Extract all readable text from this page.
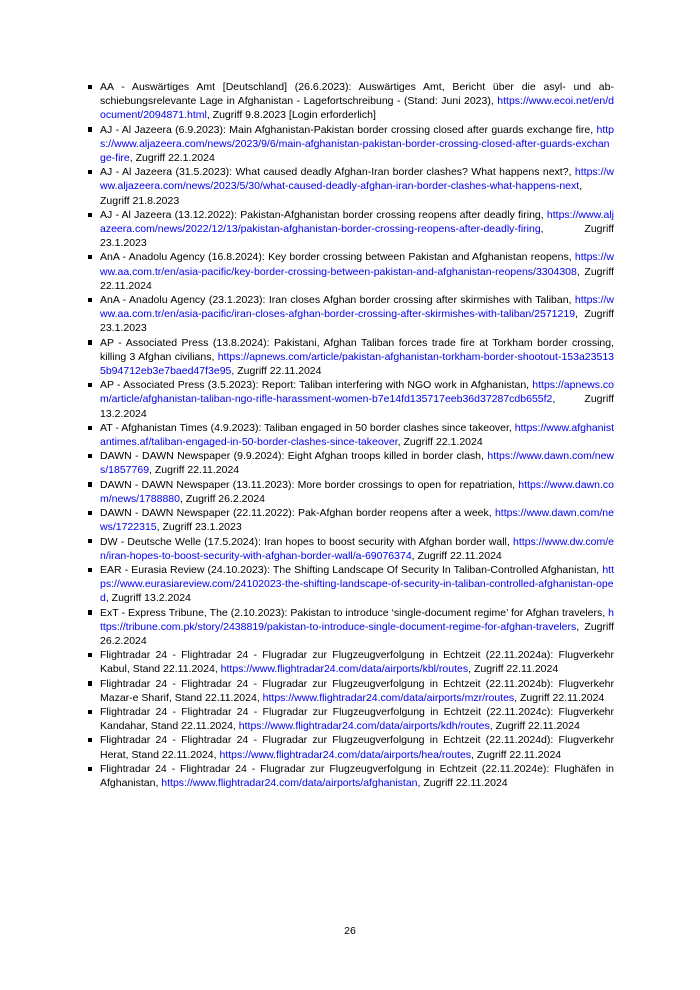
AA - Auswärtiges Amt [Deutschland] (26.6.2023): Auswärtiges Amt, Bericht über die asyl- und abschiebungsrelevante Lage in Afghanistan - Lagefortschreibung - (Stand: Juni 2023), https://www.ecoi.net/en/document/2094871.html, Zugriff 9.8.2023 [Login erforderlich]
AJ - Al Jazeera (6.9.2023): Main Afghanistan-Pakistan border crossing closed after guards exchange fire, https://www.aljazeera.com/news/2023/9/6/main-afghanistan-pakistan-border-crossing-closed-after-guards-exchange-fire, Zugriff 22.1.2024
AJ - Al Jazeera (31.5.2023): What caused deadly Afghan-Iran border clashes? What happens next?, https://www.aljazeera.com/news/2023/5/30/what-caused-deadly-afghan-iran-border-clashes-what-happens-next, Zugriff 21.8.2023
AJ - Al Jazeera (13.12.2022): Pakistan-Afghanistan border crossing reopens after deadly firing, https://www.aljazeera.com/news/2022/12/13/pakistan-afghanistan-border-crossing-reopens-after-deadly-firing, Zugriff 23.1.2023
AnA - Anadolu Agency (16.8.2024): Key border crossing between Pakistan and Afghanistan reopens, https://www.aa.com.tr/en/asia-pacific/key-border-crossing-between-pakistan-and-afghanistan-reopens/3304308, Zugriff 22.11.2024
AnA - Anadolu Agency (23.1.2023): Iran closes Afghan border crossing after skirmishes with Taliban, https://www.aa.com.tr/en/asia-pacific/iran-closes-afghan-border-crossing-after-skirmishes-with-taliban/2571219, Zugriff 23.1.2023
AP - Associated Press (13.8.2024): Pakistani, Afghan Taliban forces trade fire at Torkham border crossing, killing 3 Afghan civilians, https://apnews.com/article/pakistan-afghanistan-torkham-border-shootout-153a235135b94712eb3e7baed47f3e95, Zugriff 22.11.2024
AP - Associated Press (3.5.2023): Report: Taliban interfering with NGO work in Afghanistan, https://apnews.com/article/afghanistan-taliban-ngo-rifle-harassment-women-b7e14fd135717eeb36d37287cdb655f2, Zugriff 13.2.2024
AT - Afghanistan Times (4.9.2023): Taliban engaged in 50 border clashes since takeover, https://www.afghanistantimes.af/taliban-engaged-in-50-border-clashes-since-takeover, Zugriff 22.1.2024
DAWN - DAWN Newspaper (9.9.2024): Eight Afghan troops killed in border clash, https://www.dawn.com/news/1857769, Zugriff 22.11.2024
DAWN - DAWN Newspaper (13.11.2023): More border crossings to open for repatriation, https://www.dawn.com/news/1788880, Zugriff 26.2.2024
DAWN - DAWN Newspaper (22.11.2022): Pak-Afghan border reopens after a week, https://www.dawn.com/news/1722315, Zugriff 23.1.2023
DW - Deutsche Welle (17.5.2024): Iran hopes to boost security with Afghan border wall, https://www.dw.com/en/iran-hopes-to-boost-security-with-afghan-border-wall/a-69076374, Zugriff 22.11.2024
EAR - Eurasia Review (24.10.2023): The Shifting Landscape Of Security In Taliban-Controlled Afghanistan, https://www.eurasiareview.com/24102023-the-shifting-landscape-of-security-in-taliban-controlled-afghanistan-oped, Zugriff 13.2.2024
ExT - Express Tribune, The (2.10.2023): Pakistan to introduce ‘single-document regime’ for Afghan travelers, https://tribune.com.pk/story/2438819/pakistan-to-introduce-single-document-regime-for-afghan-travelers, Zugriff 26.2.2024
Flightradar 24 - Flightradar 24 - Flugradar zur Flugzeugverfolgung in Echtzeit (22.11.2024a): Flugverkehr Kabul, Stand 22.11.2024, https://www.flightradar24.com/data/airports/kbl/routes, Zugriff 22.11.2024
Flightradar 24 - Flightradar 24 - Flugradar zur Flugzeugverfolgung in Echtzeit (22.11.2024b): Flugverkehr Mazar-e Sharif, Stand 22.11.2024, https://www.flightradar24.com/data/airports/mzr/routes, Zugriff 22.11.2024
Flightradar 24 - Flightradar 24 - Flugradar zur Flugzeugverfolgung in Echtzeit (22.11.2024c): Flugverkehr Kandahar, Stand 22.11.2024, https://www.flightradar24.com/data/airports/kdh/routes, Zugriff 22.11.2024
Flightradar 24 - Flightradar 24 - Flugradar zur Flugzeugverfolgung in Echtzeit (22.11.2024d): Flugverkehr Herat, Stand 22.11.2024, https://www.flightradar24.com/data/airports/hea/routes, Zugriff 22.11.2024
Flightradar 24 - Flightradar 24 - Flugradar zur Flugzeugverfolgung in Echtzeit (22.11.2024e): Flughäfen in Afghanistan, https://www.flightradar24.com/data/airports/afghanistan, Zugriff 22.11.2024
26
